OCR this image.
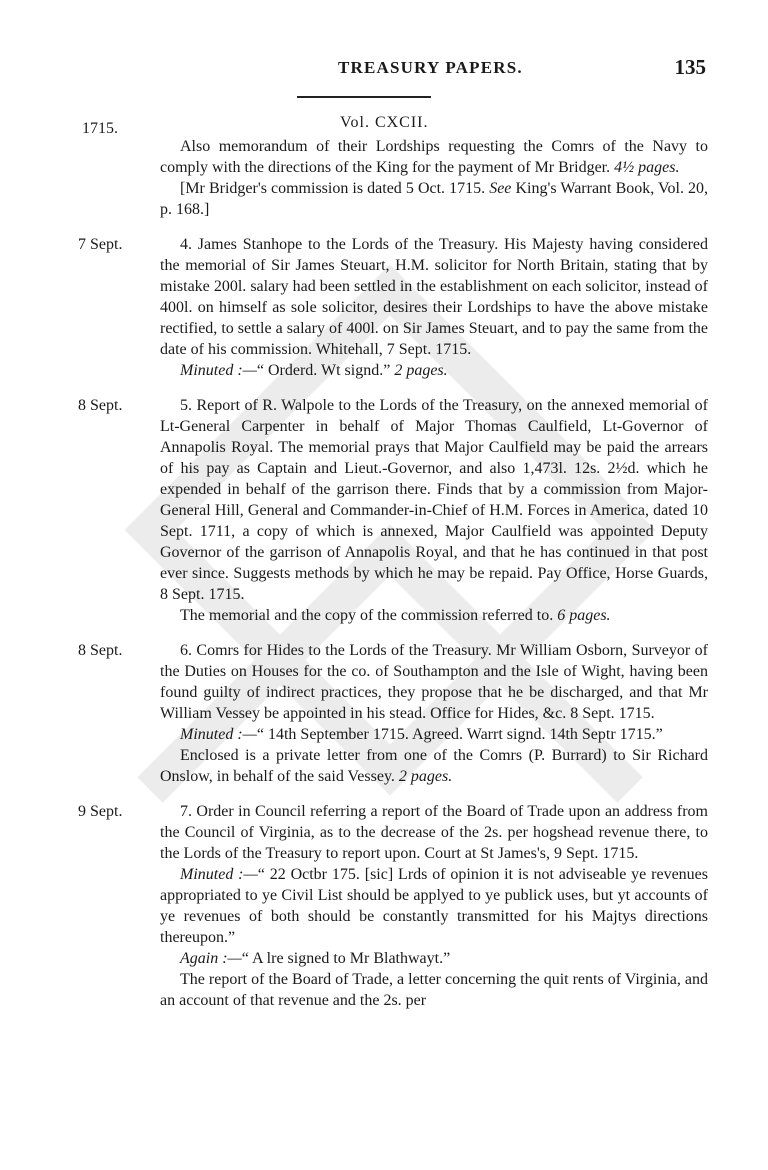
TREASURY PAPERS.	135
1715.	Vol. CXCII.

Also memorandum of their Lordships requesting the Comrs of the Navy to comply with the directions of the King for the payment of Mr Bridger. 4½ pages.

[Mr Bridger's commission is dated 5 Oct. 1715. See King's Warrant Book, Vol. 20, p. 168.]

7 Sept.	4. James Stanhope to the Lords of the Treasury. His Majesty having considered the memorial of Sir James Steuart, H.M. solicitor for North Britain, stating that by mistake 200l. salary had been settled in the establishment on each solicitor, instead of 400l. on himself as sole solicitor, desires their Lordships to have the above mistake rectified, to settle a salary of 400l. on Sir James Steuart, and to pay the same from the date of his commission. Whitehall, 7 Sept. 1715.

Minuted :—“ Orderd. Wt signd.” 2 pages.

8 Sept.	5. Report of R. Walpole to the Lords of the Treasury, on the annexed memorial of Lt-General Carpenter in behalf of Major Thomas Caulfield, Lt-Governor of Annapolis Royal. The memorial prays that Major Caulfield may be paid the arrears of his pay as Captain and Lieut.-Governor, and also 1,473l. 12s. 2½d. which he expended in behalf of the garrison there. Finds that by a commission from Major-General Hill, General and Commander-in-Chief of H.M. Forces in America, dated 10 Sept. 1711, a copy of which is annexed, Major Caulfield was appointed Deputy Governor of the garrison of Annapolis Royal, and that he has continued in that post ever since. Suggests methods by which he may be repaid. Pay Office, Horse Guards, 8 Sept. 1715.

The memorial and the copy of the commission referred to. 6 pages.

8 Sept.	6. Comrs for Hides to the Lords of the Treasury. Mr William Osborn, Surveyor of the Duties on Houses for the co. of Southampton and the Isle of Wight, having been found guilty of indirect practices, they propose that he be discharged, and that Mr William Vessey be appointed in his stead. Office for Hides, &c. 8 Sept. 1715.

Minuted :—“ 14th September 1715. Agreed. Warrt signd. 14th Septr 1715.”

Enclosed is a private letter from one of the Comrs (P. Burrard) to Sir Richard Onslow, in behalf of the said Vessey. 2 pages.

9 Sept.	7. Order in Council referring a report of the Board of Trade upon an address from the Council of Virginia, as to the decrease of the 2s. per hogshead revenue there, to the Lords of the Treasury to report upon. Court at St James's, 9 Sept. 1715.

Minuted :—“ 22 Octbr 175. [sic] Lrds of opinion it is not adviseable ye revenues appropriated to ye Civil List should be applyed to ye publick uses, but yt accounts of ye revenues of both should be constantly transmitted for his Majtys directions thereupon.”

Again :—“ A lre signed to Mr Blathwayt.”

The report of the Board of Trade, a letter concerning the quit rents of Virginia, and an account of that revenue and the 2s. per
